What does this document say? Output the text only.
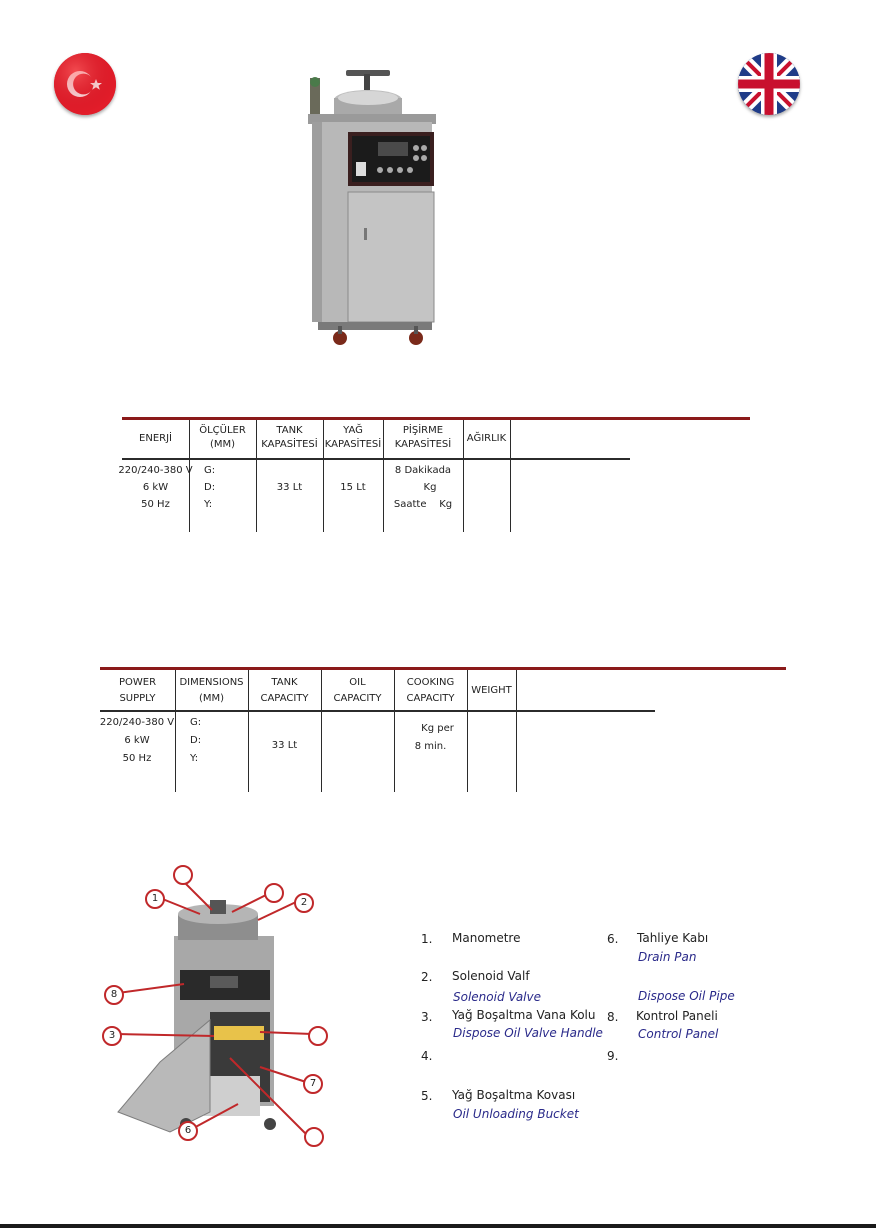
ENERJİ
ÖLÇÜLER
(MM)
TANK
KAPASİTESİ
YAĞ
KAPASİTESİ
PİŞİRME
KAPASİTESİ
AĞIRLIK
220/240-380 V
6 kW
50 Hz
G:
D:
Y:
33 Lt	15 Lt
8 Dakikada
Kg
Saatte Kg
POWER
SUPPLY
DIMENSIONS
(MM)
TANK
CAPACITY
OIL
CAPACITY
COOKING
CAPACITY
WEIGHT
220/240-380 V
6 kW
50 Hz
G:
D:
Y:
33 Lt
Kg per
8 min.
1	2
8
3
7
6
1. Manometre
2. Solenoid Valf
Solenoid Valve
3. Yağ Boşaltma Vana Kolu
Dispose Oil Valve Handle
4.
5. Yağ Boşaltma Kovası
Oil Unloading Bucket
6. Tahliye Kabı
Drain Pan
Dispose Oil Pipe
8. Kontrol Paneli
Control Panel
9.
